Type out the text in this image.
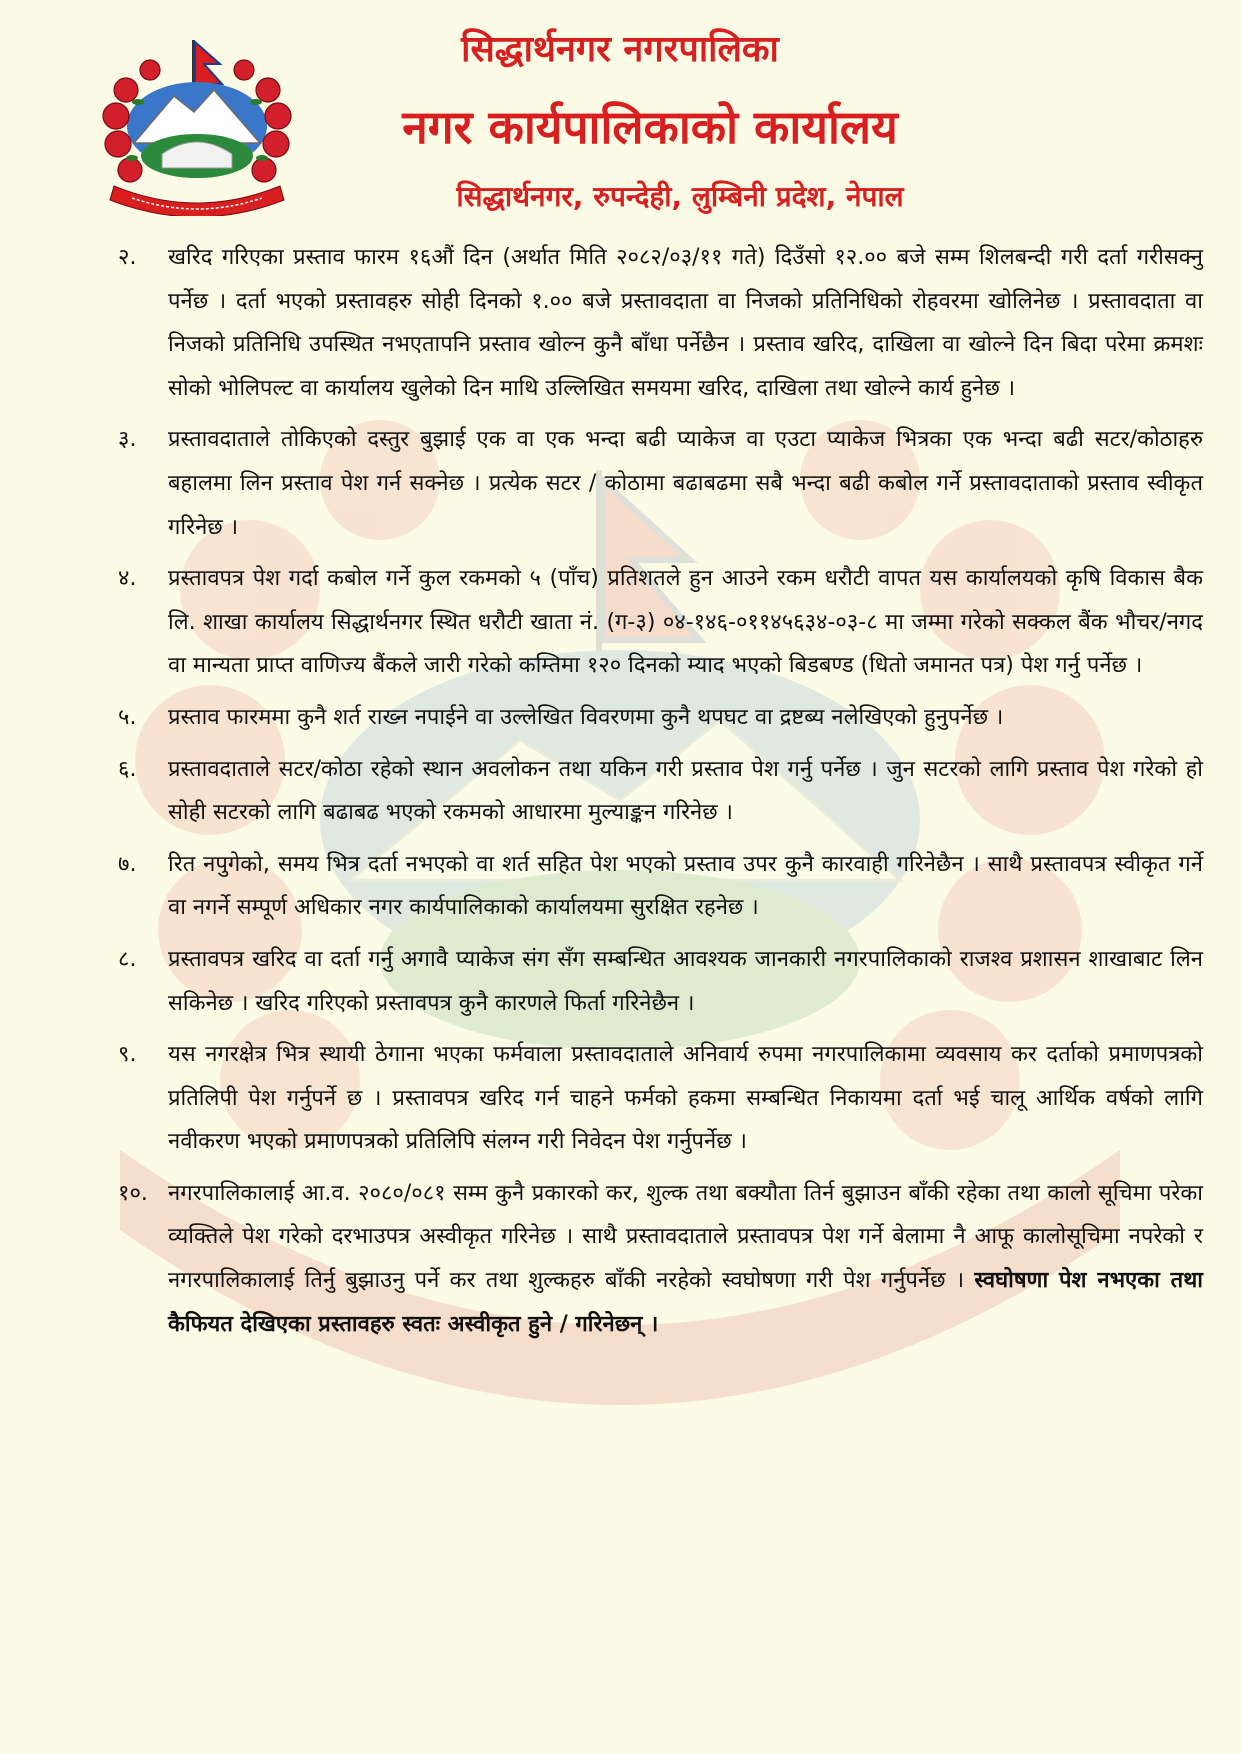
सिद्धार्थनगर नगरपालिका
नगर कार्यपालिकाको कार्यालय
सिद्धार्थनगर, रुपन्देही, लुम्बिनी प्रदेश, नेपाल
२.	खरिद गरिएका प्रस्ताव फारम १६औं दिन (अर्थात मिति २०८२/०३/११ गते) दिउँसो १२.०० बजे सम्म शिलबन्दी गरी दर्ता गरीसक्नु पर्नेछ । दर्ता भएको प्रस्तावहरु सोही दिनको १.०० बजे प्रस्तावदाता वा निजको प्रतिनिधिको रोहवरमा खोलिनेछ । प्रस्तावदाता वा निजको प्रतिनिधि उपस्थित नभएतापनि प्रस्ताव खोल्न कुनै बाँधा पर्नेछैन । प्रस्ताव खरिद, दाखिला वा खोल्ने दिन बिदा परेमा क्रमशः सोको भोलिपल्ट वा कार्यालय खुलेको दिन माथि उल्लिखित समयमा खरिद, दाखिला तथा खोल्ने कार्य हुनेछ ।
३.	प्रस्तावदाताले तोकिएको दस्तुर बुझाई एक वा एक भन्दा बढी प्याकेज वा एउटा प्याकेज भित्रका एक भन्दा बढी सटर/कोठाहरु बहालमा लिन प्रस्ताव पेश गर्न सक्नेछ । प्रत्येक सटर / कोठामा बढाबढमा सबै भन्दा बढी कबोल गर्ने प्रस्तावदाताको प्रस्ताव स्वीकृत गरिनेछ ।
४.	प्रस्तावपत्र पेश गर्दा कबोल गर्ने कुल रकमको ५ (पाँच) प्रतिशतले हुन आउने रकम धरौटी वापत यस कार्यालयको कृषि विकास बैक लि. शाखा कार्यालय सिद्धार्थनगर स्थित धरौटी खाता नं. (ग-३) ०४-१४६-०११४५६३४-०३-८ मा जम्मा गरेको सक्कल बैंक भौचर/नगद वा मान्यता प्राप्त वाणिज्य बैंकले जारी गरेको कम्तिमा १२० दिनको म्याद भएको बिडबण्ड (धितो जमानत पत्र) पेश गर्नु पर्नेछ ।
५.	प्रस्ताव फारममा कुनै शर्त राख्न नपाईने वा उल्लेखित विवरणमा कुनै थपघट वा द्रष्टब्य नलेखिएको हुनुपर्नेछ ।
६.	प्रस्तावदाताले सटर/कोठा रहेको स्थान अवलोकन तथा यकिन गरी प्रस्ताव पेश गर्नु पर्नेछ । जुन सटरको लागि प्रस्ताव पेश गरेको हो सोही सटरको लागि बढाबढ भएको रकमको आधारमा मुल्याङ्कन गरिनेछ ।
७.	रित नपुगेको, समय भित्र दर्ता नभएको वा शर्त सहित पेश भएको प्रस्ताव उपर कुनै कारवाही गरिनेछैन । साथै प्रस्तावपत्र स्वीकृत गर्ने वा नगर्ने सम्पूर्ण अधिकार नगर कार्यपालिकाको कार्यालयमा सुरक्षित रहनेछ ।
८.	प्रस्तावपत्र खरिद वा दर्ता गर्नु अगावै प्याकेज संग सँग सम्बन्धित आवश्यक जानकारी नगरपालिकाको राजश्व प्रशासन शाखाबाट लिन सकिनेछ । खरिद गरिएको प्रस्तावपत्र कुनै कारणले फिर्ता गरिनेछैन ।
९.	यस नगरक्षेत्र भित्र स्थायी ठेगाना भएका फर्मवाला प्रस्तावदाताले अनिवार्य रुपमा नगरपालिकामा व्यवसाय कर दर्ताको प्रमाणपत्रको प्रतिलिपी पेश गर्नुपर्ने छ । प्रस्तावपत्र खरिद गर्न चाहने फर्मको हकमा सम्बन्धित निकायमा दर्ता भई चालू आर्थिक वर्षको लागि नवीकरण भएको प्रमाणपत्रको प्रतिलिपि संलग्न गरी निवेदन पेश गर्नुपर्नेछ ।
१०. नगरपालिकालाई आ.व. २०८०/०८१ सम्म कुनै प्रकारको कर, शुल्क तथा बक्यौता तिर्न बुझाउन बाँकी रहेका तथा कालो सूचिमा परेका व्यक्तिले पेश गरेको दरभाउपत्र अस्वीकृत गरिनेछ । साथै प्रस्तावदाताले प्रस्तावपत्र पेश गर्ने बेलामा नै आफू कालोसूचिमा नपरेको र नगरपालिकालाई तिर्नु बुझाउनु पर्ने कर तथा शुल्कहरु बाँकी नरहेको स्वघोषणा गरी पेश गर्नुपर्नेछ । स्वघोषणा पेश नभएका तथा कैफियत देखिएका प्रस्तावहरु स्वतः अस्वीकृत हुने / गरिनेछन् ।
